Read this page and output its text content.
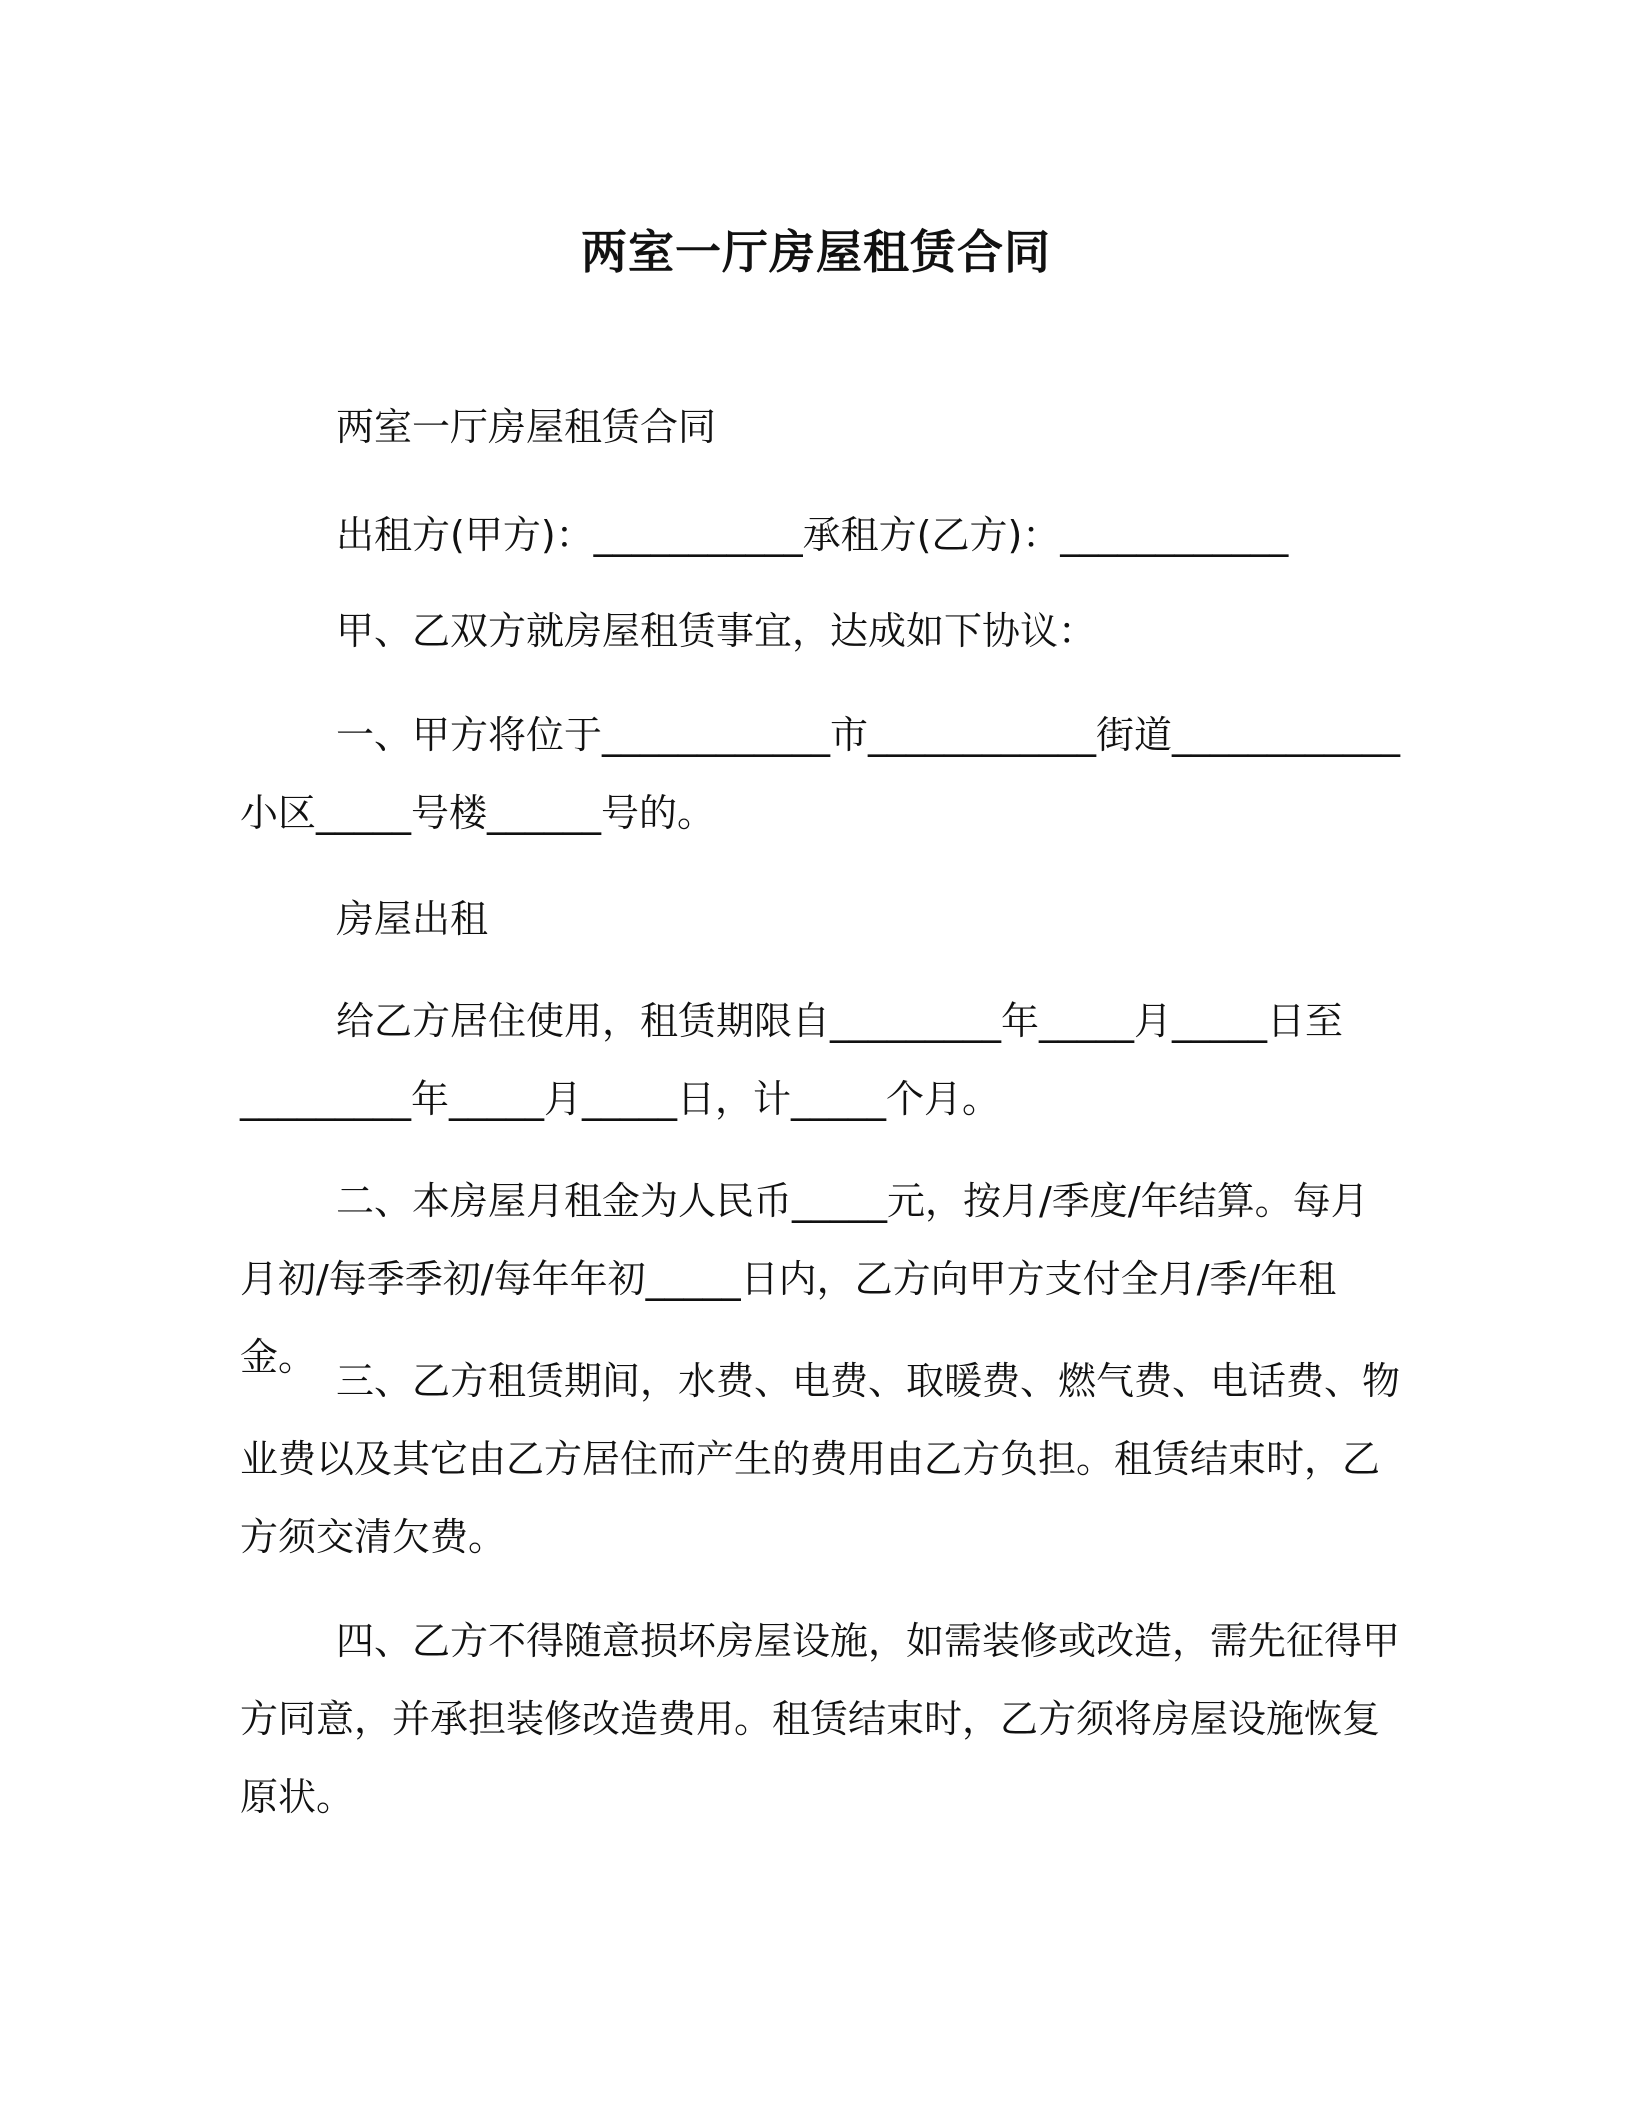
两室一厅房屋租赁合同
两室一厅房屋租赁合同
出租方(甲方)：___________承租方(乙方)：____________
甲、乙双方就房屋租赁事宜，达成如下协议：
一、甲方将位于____________市____________街道____________小区_____号楼______号的。
房屋出租
给乙方居住使用，租赁期限自_________年_____月_____日至_________年_____月_____日，计_____个月。
二、本房屋月租金为人民币_____元，按月/季度/年结算。每月月初/每季季初/每年年初_____日内，乙方向甲方支付全月/季/年租金。
三、乙方租赁期间，水费、电费、取暖费、燃气费、电话费、物业费以及其它由乙方居住而产生的费用由乙方负担。租赁结束时，乙方须交清欠费。
四、乙方不得随意损坏房屋设施，如需装修或改造，需先征得甲方同意，并承担装修改造费用。租赁结束时，乙方须将房屋设施恢复原状。
